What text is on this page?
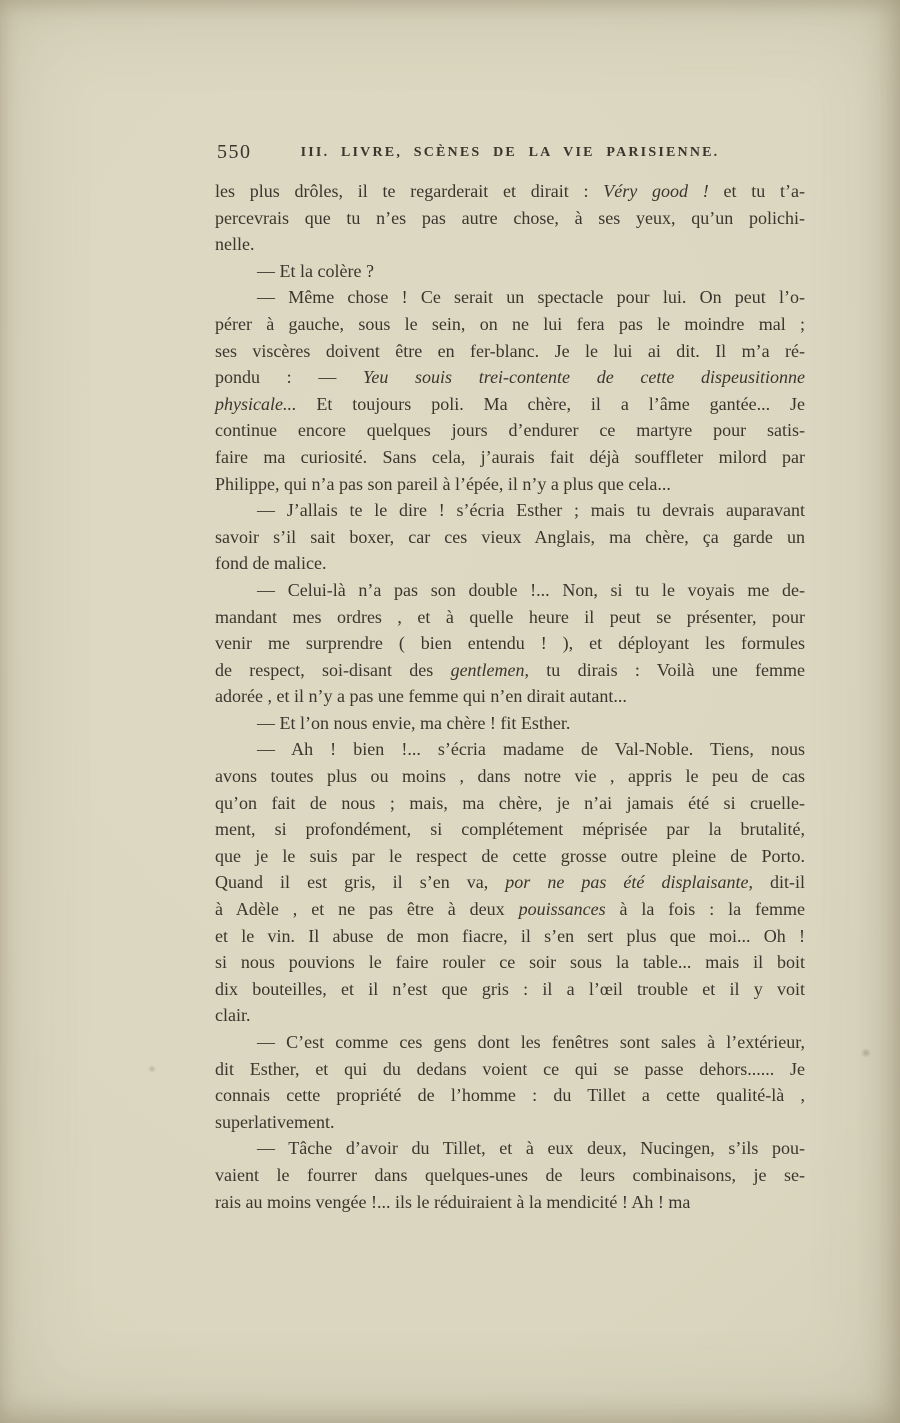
550	III. LIVRE, SCÈNES DE LA VIE PARISIENNE.
les plus drôles, il te regarderait et dirait : Véry good ! et tu t’a-
percevrais que tu n’es pas autre chose, à ses yeux, qu’un polichi-
nelle.
— Et la colère ?
— Même chose ! Ce serait un spectacle pour lui. On peut l’o-
pérer à gauche, sous le sein, on ne lui fera pas le moindre mal ;
ses viscères doivent être en fer-blanc. Je le lui ai dit. Il m’a ré-
pondu : — Yeu souis trei-contente de cette dispeusitionne
physicale... Et toujours poli. Ma chère, il a l’âme gantée... Je
continue encore quelques jours d’endurer ce martyre pour satis-
faire ma curiosité. Sans cela, j’aurais fait déjà souffleter milord par
Philippe, qui n’a pas son pareil à l’épée, il n’y a plus que cela...
— J’allais te le dire ! s’écria Esther ; mais tu devrais auparavant
savoir s’il sait boxer, car ces vieux Anglais, ma chère, ça garde un
fond de malice.
— Celui-là n’a pas son double !... Non, si tu le voyais me de-
mandant mes ordres , et à quelle heure il peut se présenter, pour
venir me surprendre ( bien entendu ! ), et déployant les formules
de respect, soi-disant des gentlemen, tu dirais : Voilà une femme
adorée , et il n’y a pas une femme qui n’en dirait autant...
— Et l’on nous envie, ma chère ! fit Esther.
— Ah ! bien !... s’écria madame de Val-Noble. Tiens, nous
avons toutes plus ou moins , dans notre vie , appris le peu de cas
qu’on fait de nous ; mais, ma chère, je n’ai jamais été si cruelle-
ment, si profondément, si complétement méprisée par la brutalité,
que je le suis par le respect de cette grosse outre pleine de Porto.
Quand il est gris, il s’en va, por ne pas été displaisante, dit-il
à Adèle , et ne pas être à deux pouissances à la fois : la femme
et le vin. Il abuse de mon fiacre, il s’en sert plus que moi... Oh !
si nous pouvions le faire rouler ce soir sous la table... mais il boit
dix bouteilles, et il n’est que gris : il a l’œil trouble et il y voit
clair.
— C’est comme ces gens dont les fenêtres sont sales à l’extérieur,
dit Esther, et qui du dedans voient ce qui se passe dehors...... Je
connais cette propriété de l’homme : du Tillet a cette qualité-là ,
superlativement.
— Tâche d’avoir du Tillet, et à eux deux, Nucingen, s’ils pou-
vaient le fourrer dans quelques-unes de leurs combinaisons, je se-
rais au moins vengée !... ils le réduiraient à la mendicité ! Ah ! ma
